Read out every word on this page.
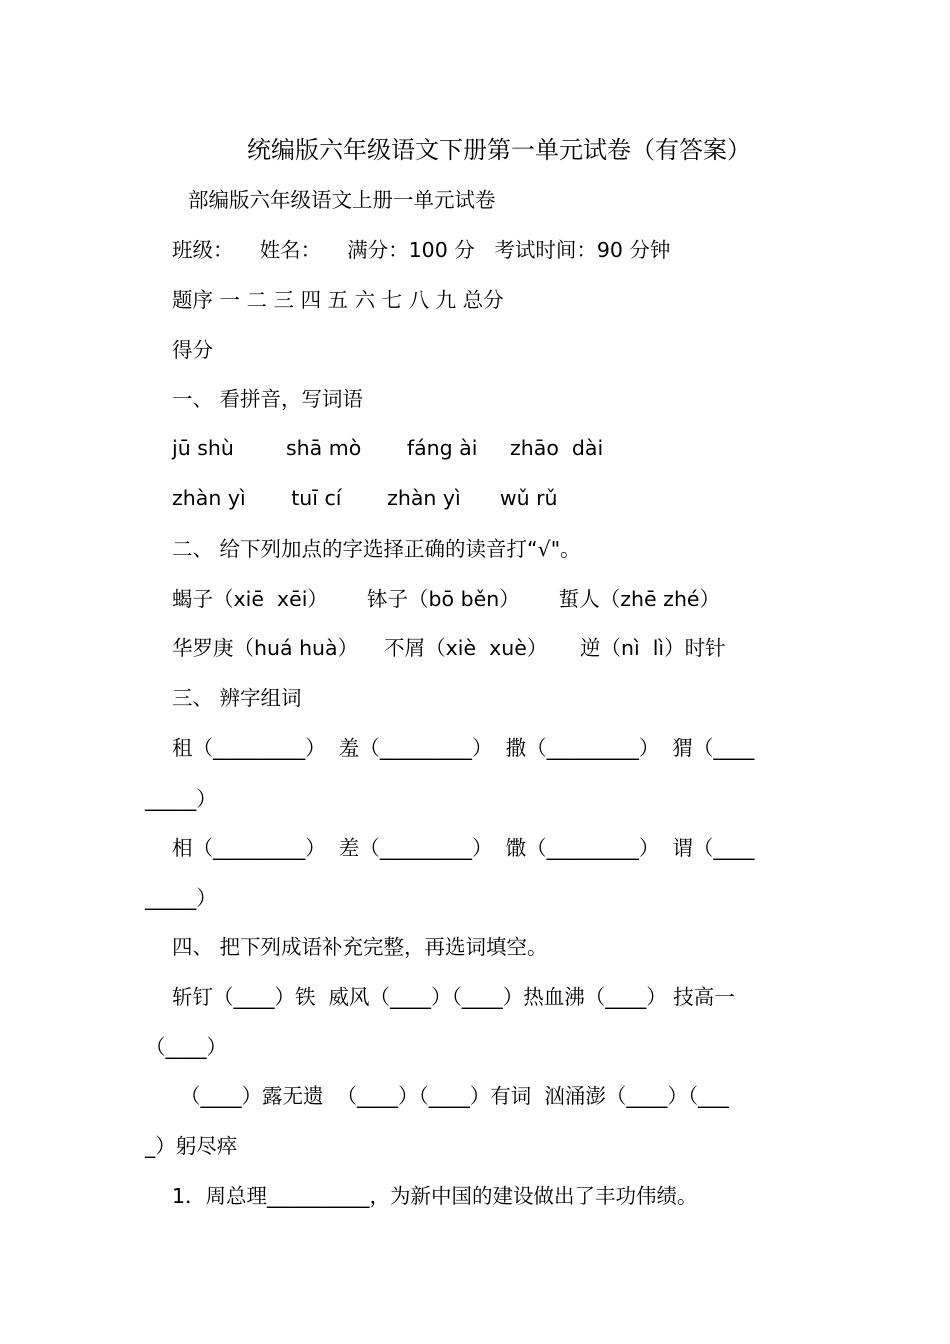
统编版六年级语文下册第一单元试卷（有答案）
部编版六年级语文上册一单元试卷
班级：    姓名：    满分：100 分   考试时间：90 分钟
题序 一 二 三 四 五 六 七 八 九 总分
得分
一、 看拼音，写词语
jū shù        shā mò       fáng ài     zhāo  dài
zhàn yì       tuī cí       zhàn yì      wǔ rǔ
二、 给下列加点的字选择正确的读音打“√"。
蝎子（xiē  xēi）      钵子（bō běn）      蜇人（zhē zhé）
华罗庚（huá huà）    不屑（xiè  xuè）     逆（nì  lì）时针
三、 辨字组词
租（_________）  羞（_________）  撒（_________）  猬（____
_____）
相（_________）  差（_________）  馓（_________）  谓（____
_____）
四、 把下列成语补充完整，再选词填空。
斩钉（____）铁  威风（____）（____）热血沸（____） 技高一
（____）
（____）露无遗  （____）（____）有词  汹涌澎（____）（___
_）躬尽瘁
1．周总理__________，为新中国的建设做出了丰功伟绩。
